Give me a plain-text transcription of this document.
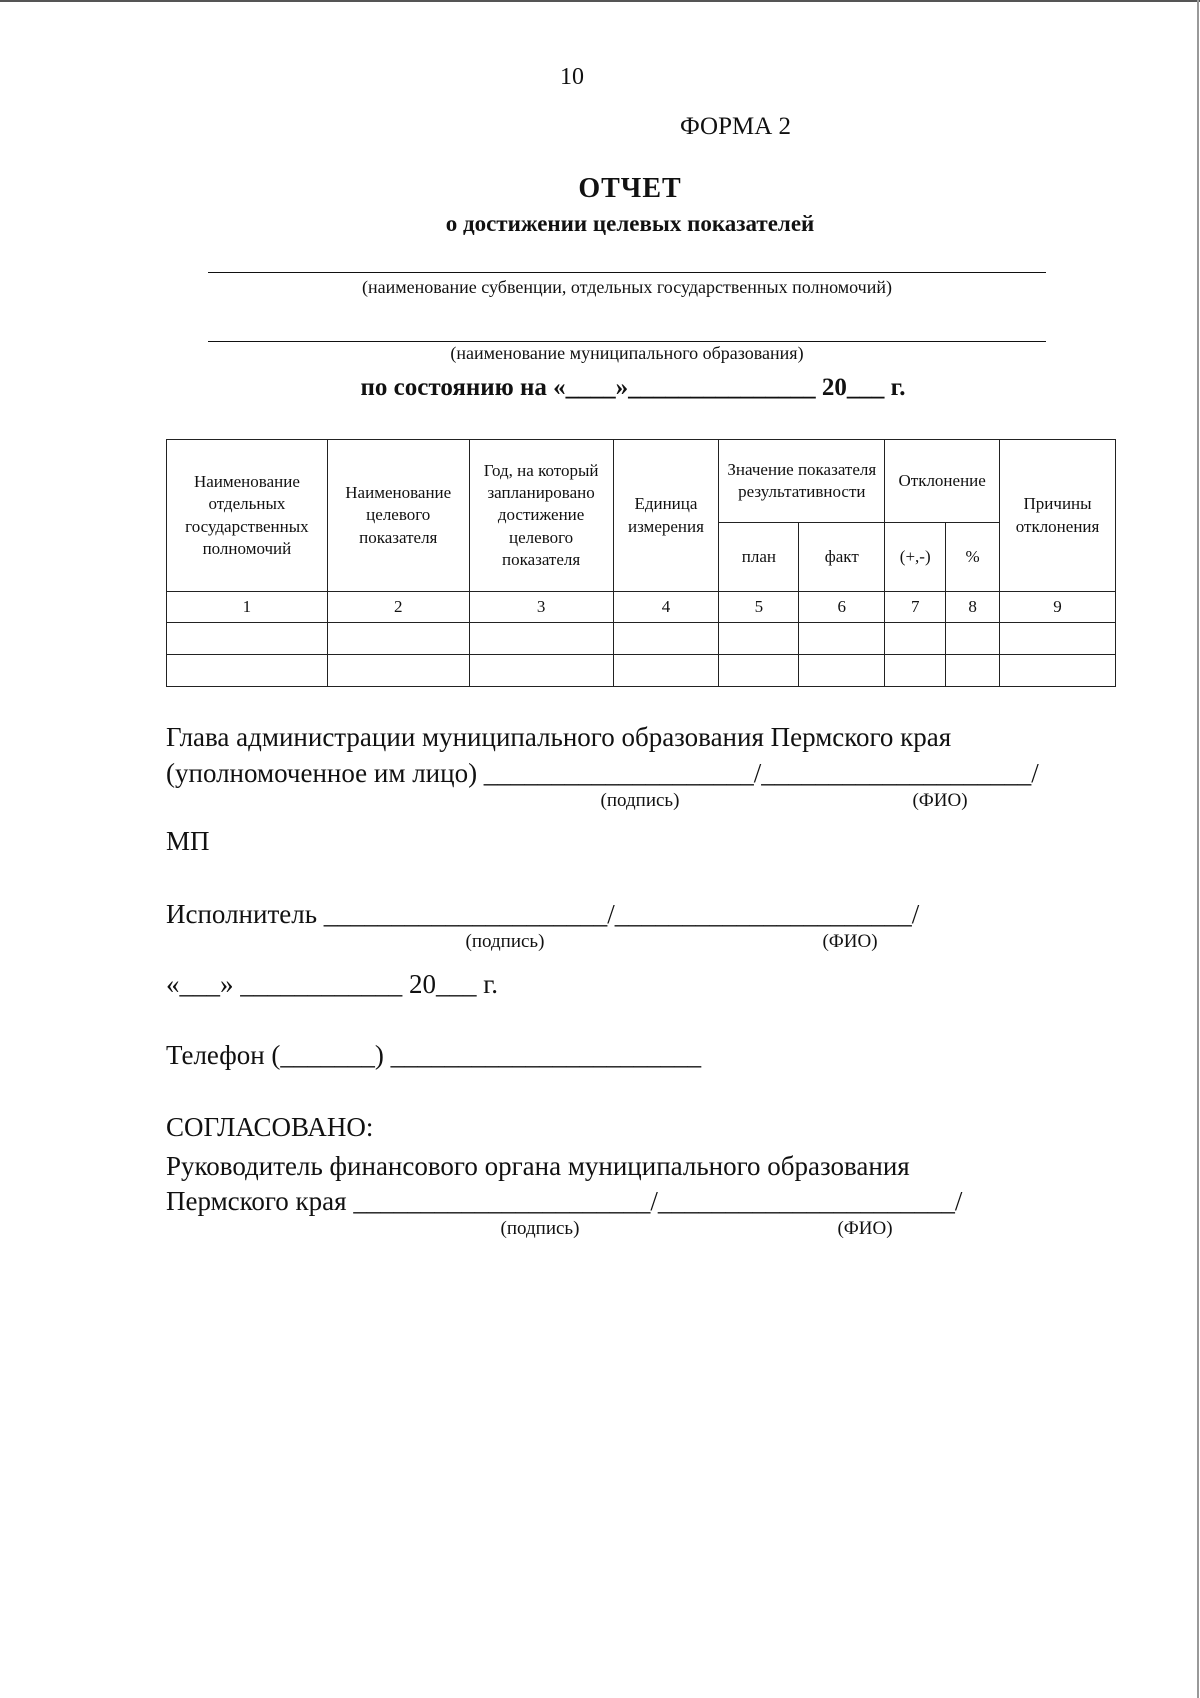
10
ФОРМА 2
ОТЧЕТ
о достижении целевых показателей
(наименование субвенции, отдельных государственных полномочий)
(наименование муниципального образования)
по состоянию на «____»_______________ 20___ г.
Наименование отдельных государственных полномочий	Наименование целевого показателя	Год, на который запланировано достижение целевого показателя	Единица измерения	Значение показателя результативности		Отклонение		Причины отклонения
				план	факт	(+,-)	%	
1	2	3	4	5	6	7	8	9

Глава администрации муниципального образования Пермского края
(уполномоченное им лицо) ____________________/____________________/
(подпись)	(ФИО)
МП
Исполнитель _____________________/______________________/
(подпись)	(ФИО)
«___» ____________ 20___ г.
Телефон (_______) _______________________
СОГЛАСОВАНО:
Руководитель финансового органа муниципального образования
Пермского края ______________________/______________________/
(подпись)	(ФИО)
